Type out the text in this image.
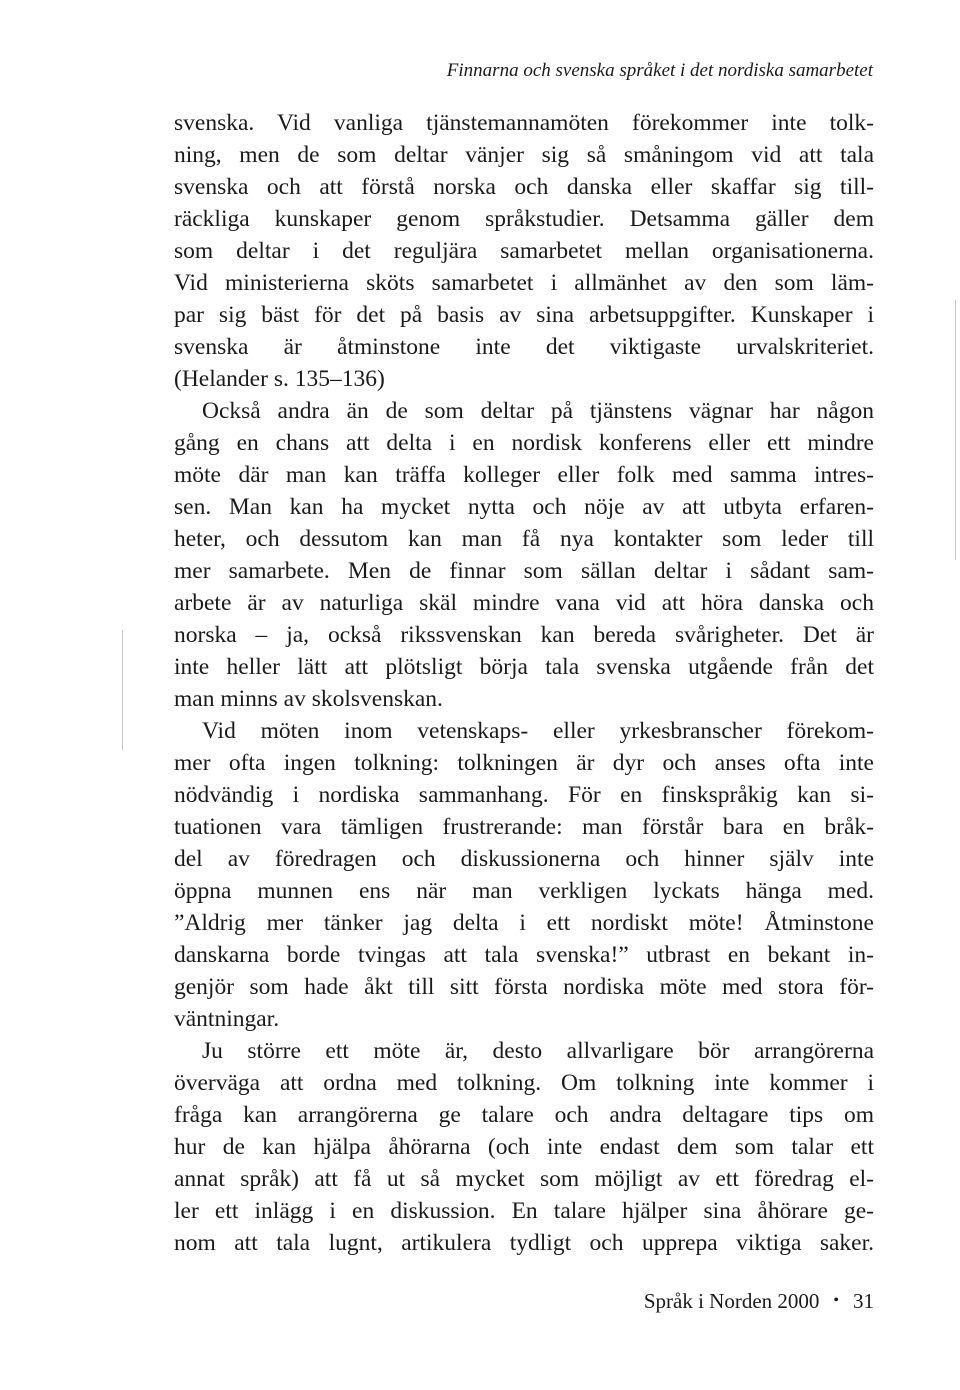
Finnarna och svenska språket i det nordiska samarbetet
svenska. Vid vanliga tjänstemannamöten förekommer inte tolk-
ning, men de som deltar vänjer sig så småningom vid att tala
svenska och att förstå norska och danska eller skaffar sig till-
räckliga kunskaper genom språkstudier. Detsamma gäller dem
som deltar i det reguljära samarbetet mellan organisationerna.
Vid ministerierna sköts samarbetet i allmänhet av den som läm-
par sig bäst för det på basis av sina arbetsuppgifter. Kunskaper i
svenska är åtminstone inte det viktigaste urvalskriteriet.
(Helander s. 135–136)
Också andra än de som deltar på tjänstens vägnar har någon
gång en chans att delta i en nordisk konferens eller ett mindre
möte där man kan träffa kolleger eller folk med samma intres-
sen. Man kan ha mycket nytta och nöje av att utbyta erfaren-
heter, och dessutom kan man få nya kontakter som leder till
mer samarbete. Men de finnar som sällan deltar i sådant sam-
arbete är av naturliga skäl mindre vana vid att höra danska och
norska – ja, också rikssvenskan kan bereda svårigheter. Det är
inte heller lätt att plötsligt börja tala svenska utgående från det
man minns av skolsvenskan.
Vid möten inom vetenskaps- eller yrkesbranscher förekom-
mer ofta ingen tolkning: tolkningen är dyr och anses ofta inte
nödvändig i nordiska sammanhang. För en finskspråkig kan si-
tuationen vara tämligen frustrerande: man förstår bara en bråk-
del av föredragen och diskussionerna och hinner själv inte
öppna munnen ens när man verkligen lyckats hänga med.
”Aldrig mer tänker jag delta i ett nordiskt möte! Åtminstone
danskarna borde tvingas att tala svenska!” utbrast en bekant in-
genjör som hade åkt till sitt första nordiska möte med stora för-
väntningar.
Ju större ett möte är, desto allvarligare bör arrangörerna
överväga att ordna med tolkning. Om tolkning inte kommer i
fråga kan arrangörerna ge talare och andra deltagare tips om
hur de kan hjälpa åhörarna (och inte endast dem som talar ett
annat språk) att få ut så mycket som möjligt av ett föredrag el-
ler ett inlägg i en diskussion. En talare hjälper sina åhörare ge-
nom att tala lugnt, artikulera tydligt och upprepa viktiga saker.
Språk i Norden 2000 • 31
